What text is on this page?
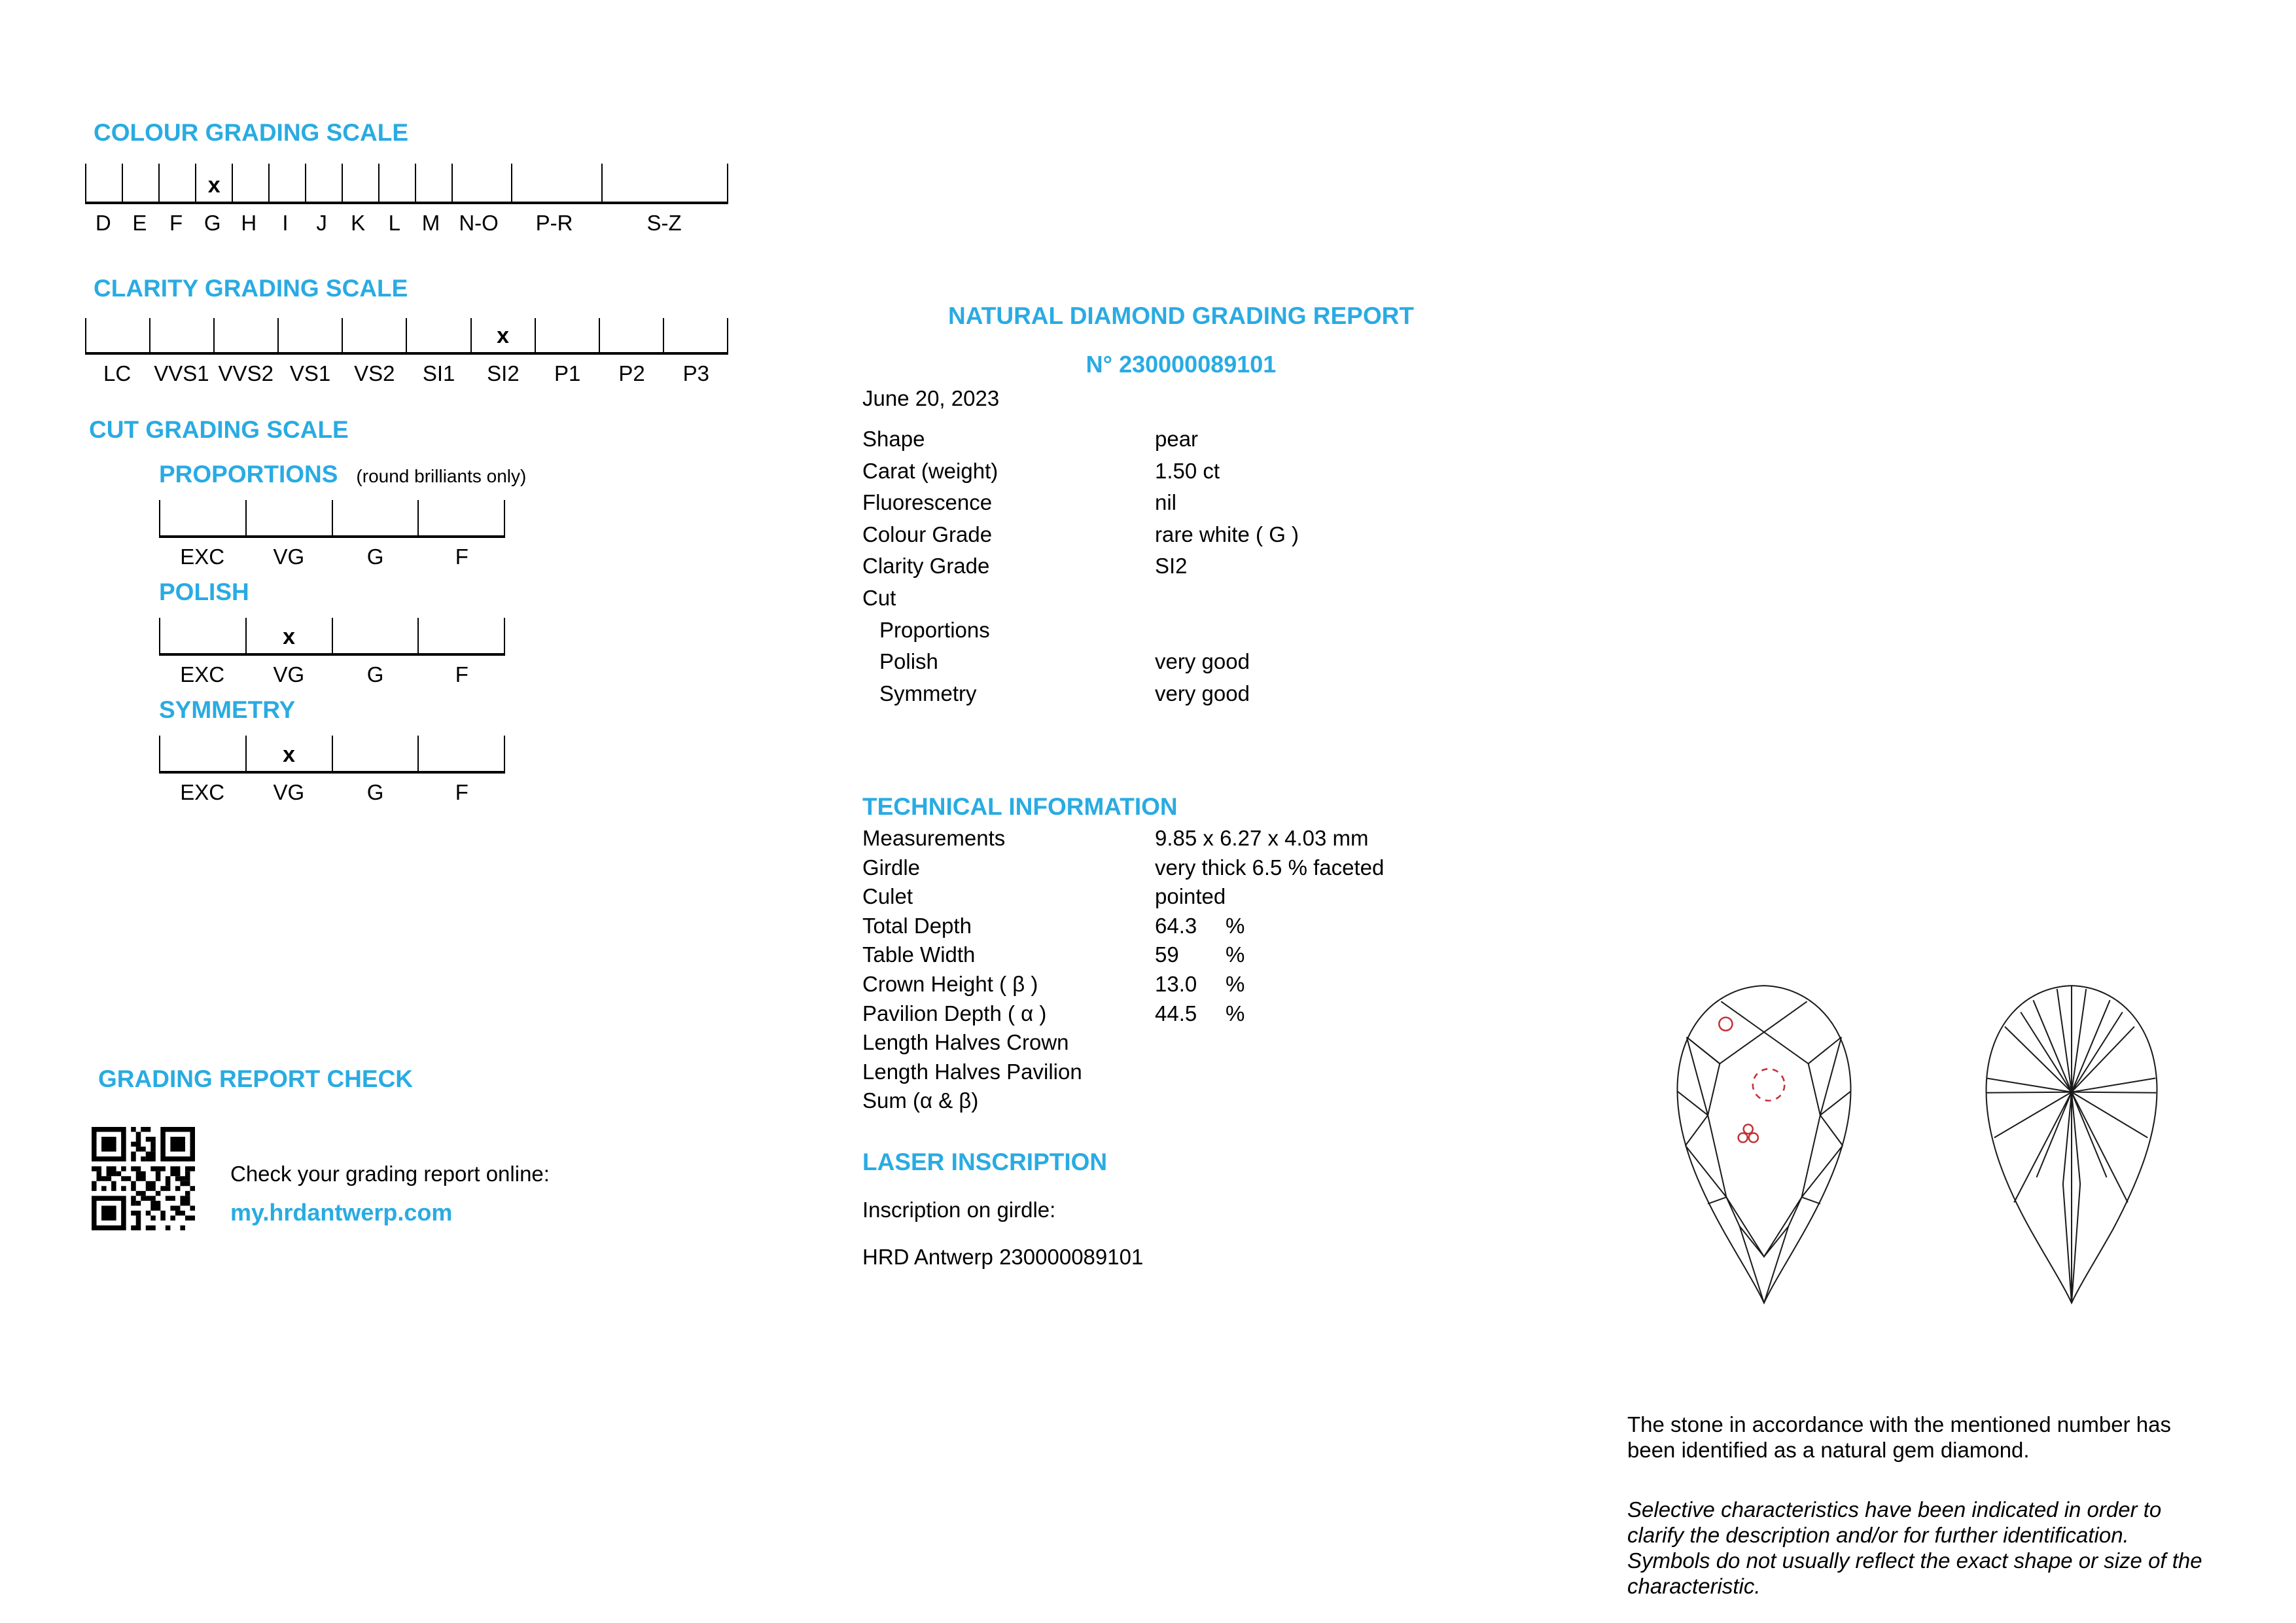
COLOUR GRADING SCALE
x
D E	F G H	I	J	K	L M N-O	P-R	S-Z
CLARITY GRADING SCALE
x
LC	VVS1 VVS2 VS1	VS2	SI1	SI2	P1	P2	P3
CUT GRADING SCALE
PROPORTIONS (round brilliants only)
EXC	VG	G	F
POLISH
x
EXC	VG	G	F
SYMMETRY
x
EXC	VG	G	F
GRADING REPORT CHECK
Check your grading report online:
my.hrdantwerp.com
NATURAL DIAMOND GRADING REPORT
N° 230000089101
June 20, 2023
Shape	pear
Carat (weight)	1.50 ct
Fluorescence	nil
Colour Grade	rare white ( G )
Clarity Grade	SI2
Cut
Proportions
Polish	very good
Symmetry	very good
TECHNICAL INFORMATION
Measurements	9.85 x 6.27 x 4.03 mm
Girdle	very thick 6.5 % faceted
Culet	pointed
Total Depth	64.3	%
Table Width	59	%
Crown Height ( β )	13.0	%
Pavilion Depth ( α )	44.5	%
Length Halves Crown
Length Halves Pavilion
Sum (α & β)
LASER INSCRIPTION
Inscription on girdle:
HRD Antwerp 230000089101
The stone in accordance with the mentioned number has been identified as a natural gem diamond.
Selective characteristics have been indicated in order to clarify the description and/or for further identification. Symbols do not usually reflect the exact shape or size of the characteristic.
